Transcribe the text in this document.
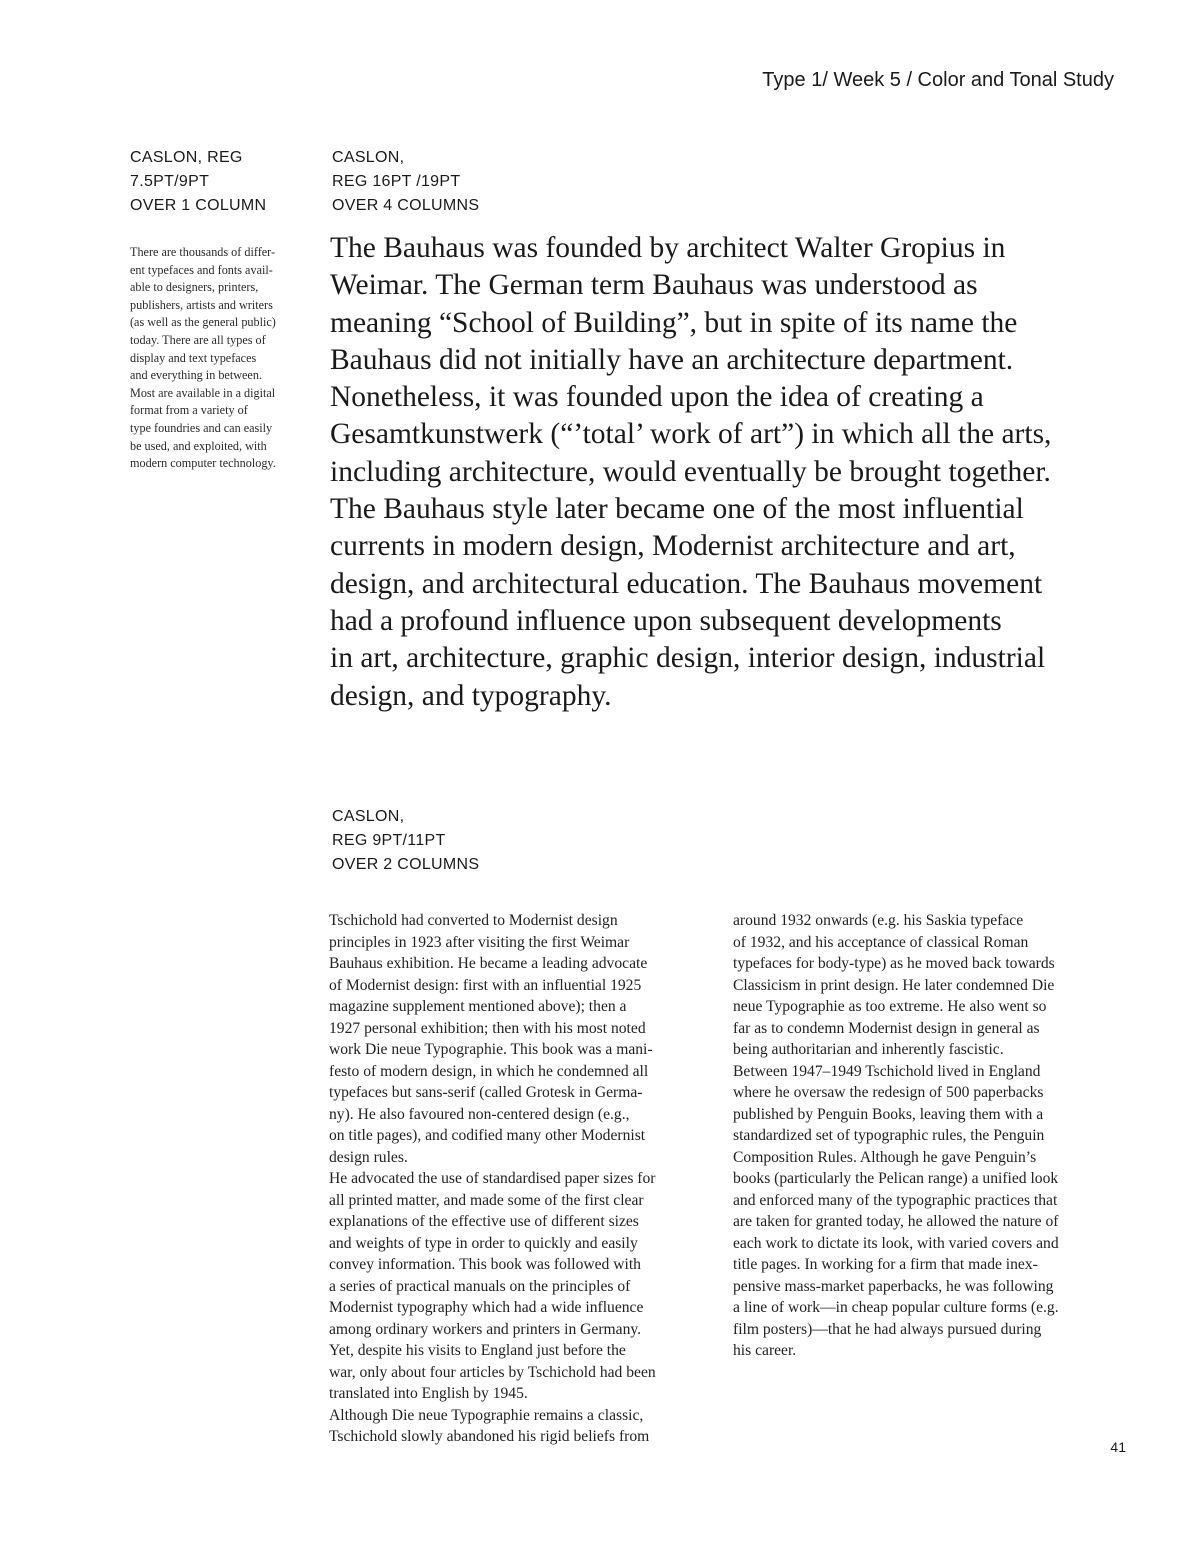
Type 1/ Week 5 / Color and Tonal Study
CASLON, REG
7.5PT/9PT
OVER 1 COLUMN
CASLON,
REG 16PT /19PT
OVER 4 COLUMNS
There are thousands of differ-
ent typefaces and fonts avail-
able to designers, printers,
publishers, artists and writers
(as well as the general public)
today. There are all types of
display and text typefaces
and everything in between.
Most are available in a digital
format from a variety of
type foundries and can easily
be used, and exploited, with
modern computer technology.
The Bauhaus was founded by architect Walter Gropius in
Weimar. The German term Bauhaus was understood as
meaning “School of Building”, but in spite of its name the
Bauhaus did not initially have an architecture department.
Nonetheless, it was founded upon the idea of creating a
Gesamtkunstwerk (“’total’ work of art”) in which all the arts,
including architecture, would eventually be brought together.
The Bauhaus style later became one of the most influential
currents in modern design, Modernist architecture and art,
design, and architectural education. The Bauhaus movement
had a profound influence upon subsequent developments
in art, architecture, graphic design, interior design, industrial
design, and typography.
CASLON,
REG 9PT/11PT
OVER 2 COLUMNS
Tschichold had converted to Modernist design
principles in 1923 after visiting the first Weimar
Bauhaus exhibition. He became a leading advocate
of Modernist design: first with an influential 1925
magazine supplement mentioned above); then a
1927 personal exhibition; then with his most noted
work Die neue Typographie. This book was a mani-
festo of modern design, in which he condemned all
typefaces but sans-serif (called Grotesk in Germa-
ny). He also favoured non-centered design (e.g.,
on title pages), and codified many other Modernist
design rules.
He advocated the use of standardised paper sizes for
all printed matter, and made some of the first clear
explanations of the effective use of different sizes
and weights of type in order to quickly and easily
convey information. This book was followed with
a series of practical manuals on the principles of
Modernist typography which had a wide influence
among ordinary workers and printers in Germany.
Yet, despite his visits to England just before the
war, only about four articles by Tschichold had been
translated into English by 1945.
Although Die neue Typographie remains a classic,
Tschichold slowly abandoned his rigid beliefs from
around 1932 onwards (e.g. his Saskia typeface
of 1932, and his acceptance of classical Roman
typefaces for body-type) as he moved back towards
Classicism in print design. He later condemned Die
neue Typographie as too extreme. He also went so
far as to condemn Modernist design in general as
being authoritarian and inherently fascistic.
Between 1947–1949 Tschichold lived in England
where he oversaw the redesign of 500 paperbacks
published by Penguin Books, leaving them with a
standardized set of typographic rules, the Penguin
Composition Rules. Although he gave Penguin’s
books (particularly the Pelican range) a unified look
and enforced many of the typographic practices that
are taken for granted today, he allowed the nature of
each work to dictate its look, with varied covers and
title pages. In working for a firm that made inex-
pensive mass-market paperbacks, he was following
a line of work—in cheap popular culture forms (e.g.
film posters)—that he had always pursued during
his career.
41
